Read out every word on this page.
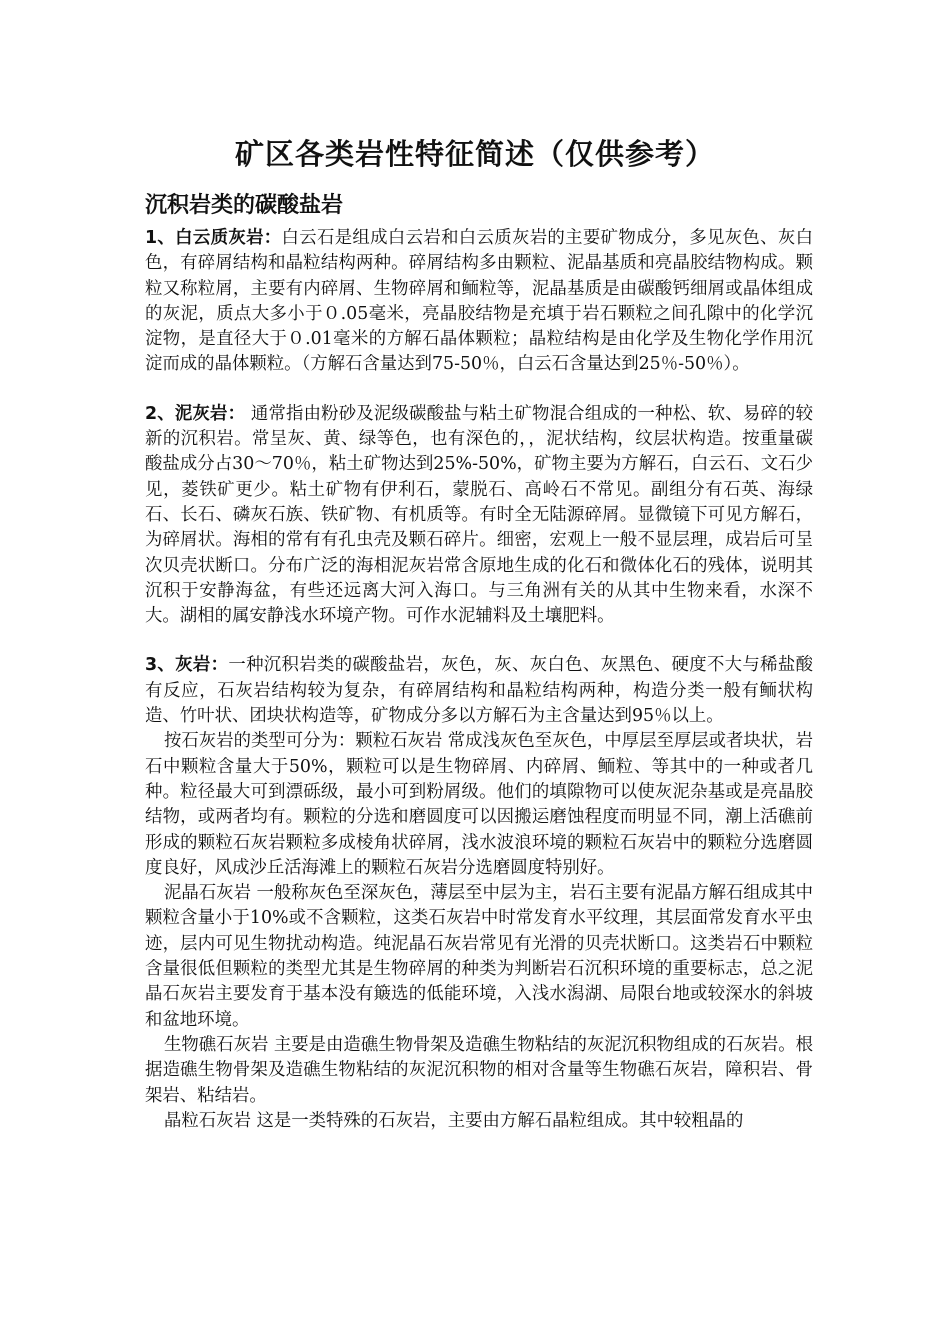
矿区各类岩性特征简述（仅供参考）
沉积岩类的碳酸盐岩

1、白云质灰岩：白云石是组成白云岩和白云质灰岩的主要矿物成分，多见灰色、灰白色，有碎屑结构和晶粒结构两种。碎屑结构多由颗粒、泥晶基质和亮晶胶结物构成。颗粒又称粒屑，主要有内碎屑、生物碎屑和鲕粒等，泥晶基质是由碳酸钙细屑或晶体组成的灰泥，质点大多小于０.05毫米，亮晶胶结物是充填于岩石颗粒之间孔隙中的化学沉淀物，是直径大于０.01毫米的方解石晶体颗粒；晶粒结构是由化学及生物化学作用沉淀而成的晶体颗粒。（方解石含量达到75-50％，白云石含量达到25％-50％）。

2、泥灰岩： 通常指由粉砂及泥级碳酸盐与粘土矿物混合组成的一种松、软、易碎的较新的沉积岩。常呈灰、黄、绿等色，也有深色的，，泥状结构，纹层状构造。按重量碳酸盐成分占30～70％，粘土矿物达到25%-50%，矿物主要为方解石，白云石、文石少见，菱铁矿更少。粘土矿物有伊利石，蒙脱石、高岭石不常见。副组分有石英、海绿石、长石、磷灰石族、铁矿物、有机质等。有时全无陆源碎屑。显微镜下可见方解石，为碎屑状。海相的常有有孔虫壳及颗石碎片。细密，宏观上一般不显层理，成岩后可呈次贝壳状断口。分布广泛的海相泥灰岩常含原地生成的化石和微体化石的残体，说明其沉积于安静海盆，有些还远离大河入海口。与三角洲有关的从其中生物来看，水深不大。湖相的属安静浅水环境产物。可作水泥辅料及土壤肥料。

3、灰岩：一种沉积岩类的碳酸盐岩，灰色，灰、灰白色、灰黑色、硬度不大与稀盐酸有反应，石灰岩结构较为复杂，有碎屑结构和晶粒结构两种，构造分类一般有鲕状构造、竹叶状、团块状构造等，矿物成分多以方解石为主含量达到95％以上。

按石灰岩的类型可分为：颗粒石灰岩 常成浅灰色至灰色，中厚层至厚层或者块状，岩石中颗粒含量大于50%，颗粒可以是生物碎屑、内碎屑、鲕粒、等其中的一种或者几种。粒径最大可到漂砾级，最小可到粉屑级。他们的填隙物可以使灰泥杂基或是亮晶胶结物，或两者均有。颗粒的分选和磨圆度可以因搬运磨蚀程度而明显不同，潮上活礁前形成的颗粒石灰岩颗粒多成棱角状碎屑，浅水波浪环境的颗粒石灰岩中的颗粒分选磨圆度良好，风成沙丘活海滩上的颗粒石灰岩分选磨圆度特别好。

泥晶石灰岩 一般称灰色至深灰色，薄层至中层为主，岩石主要有泥晶方解石组成其中颗粒含量小于10%或不含颗粒，这类石灰岩中时常发育水平纹理，其层面常发育水平虫迹，层内可见生物扰动构造。纯泥晶石灰岩常见有光滑的贝壳状断口。这类岩石中颗粒含量很低但颗粒的类型尤其是生物碎屑的种类为判断岩石沉积环境的重要标志，总之泥晶石灰岩主要发育于基本没有簸选的低能环境，入浅水潟湖、局限台地或较深水的斜坡和盆地环境。

生物礁石灰岩 主要是由造礁生物骨架及造礁生物粘结的灰泥沉积物组成的石灰岩。根据造礁生物骨架及造礁生物粘结的灰泥沉积物的相对含量等生物礁石灰岩，障积岩、骨架岩、粘结岩。

晶粒石灰岩 这是一类特殊的石灰岩，主要由方解石晶粒组成。其中较粗晶的
